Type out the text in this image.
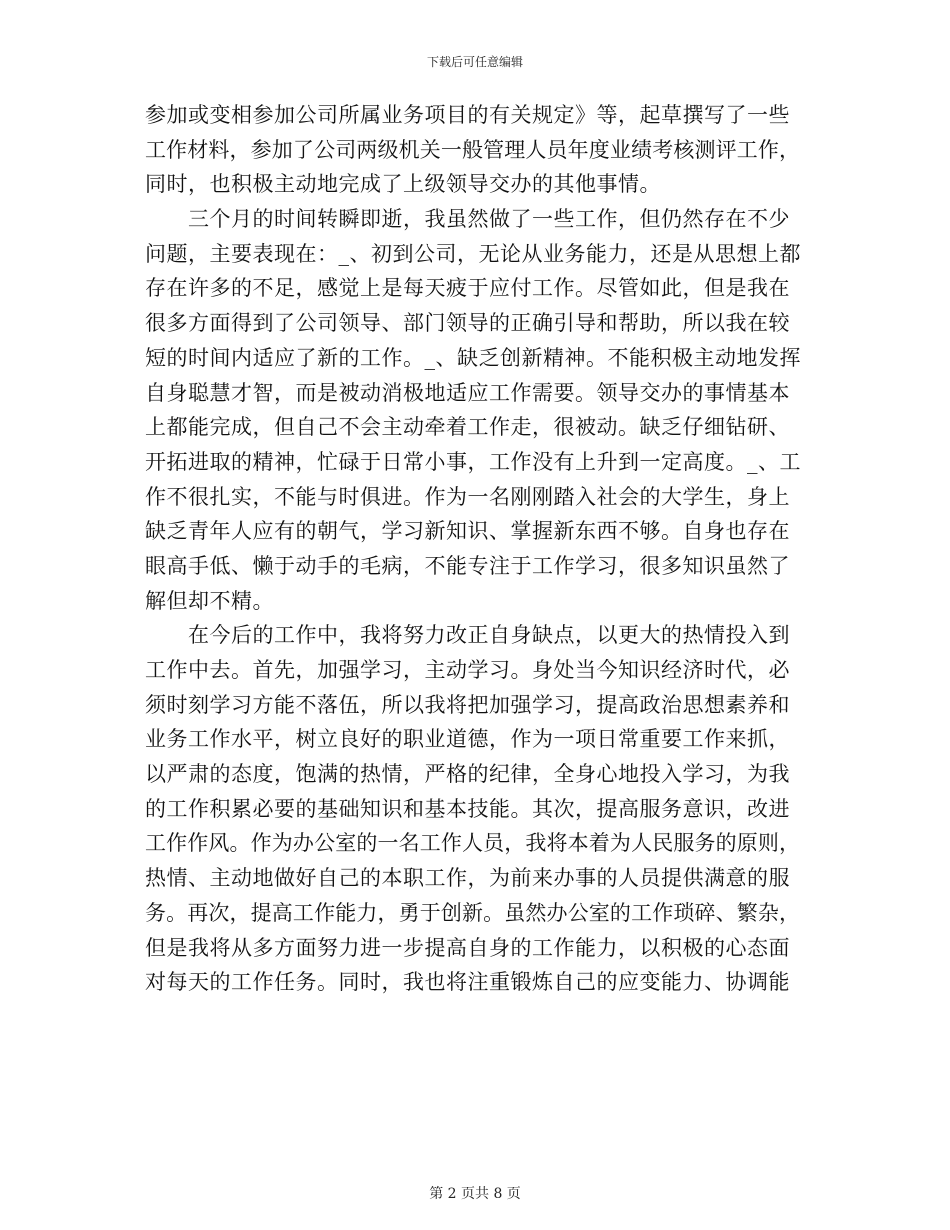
下载后可任意编辑
参加或变相参加公司所属业务项目的有关规定》等，起草撰写了一些
工作材料，参加了公司两级机关一般管理人员年度业绩考核测评工作，
同时，也积极主动地完成了上级领导交办的其他事情。
　　三个月的时间转瞬即逝，我虽然做了一些工作，但仍然存在不少
问题，主要表现在：_、初到公司，无论从业务能力，还是从思想上都
存在许多的不足，感觉上是每天疲于应付工作。尽管如此，但是我在
很多方面得到了公司领导、部门领导的正确引导和帮助，所以我在较
短的时间内适应了新的工作。_、缺乏创新精神。不能积极主动地发挥
自身聪慧才智，而是被动消极地适应工作需要。领导交办的事情基本
上都能完成，但自己不会主动牵着工作走，很被动。缺乏仔细钻研、
开拓进取的精神，忙碌于日常小事，工作没有上升到一定高度。_、工
作不很扎实，不能与时俱进。作为一名刚刚踏入社会的大学生，身上
缺乏青年人应有的朝气，学习新知识、掌握新东西不够。自身也存在
眼高手低、懒于动手的毛病，不能专注于工作学习，很多知识虽然了
解但却不精。
　　在今后的工作中，我将努力改正自身缺点，以更大的热情投入到
工作中去。首先，加强学习，主动学习。身处当今知识经济时代，必
须时刻学习方能不落伍，所以我将把加强学习，提高政治思想素养和
业务工作水平，树立良好的职业道德，作为一项日常重要工作来抓，
以严肃的态度，饱满的热情，严格的纪律，全身心地投入学习，为我
的工作积累必要的基础知识和基本技能。其次，提高服务意识，改进
工作作风。作为办公室的一名工作人员，我将本着为人民服务的原则，
热情、主动地做好自己的本职工作，为前来办事的人员提供满意的服
务。再次，提高工作能力，勇于创新。虽然办公室的工作琐碎、繁杂，
但是我将从多方面努力进一步提高自身的工作能力，以积极的心态面
对每天的工作任务。同时，我也将注重锻炼自己的应变能力、协调能
第 2 页共 8 页
